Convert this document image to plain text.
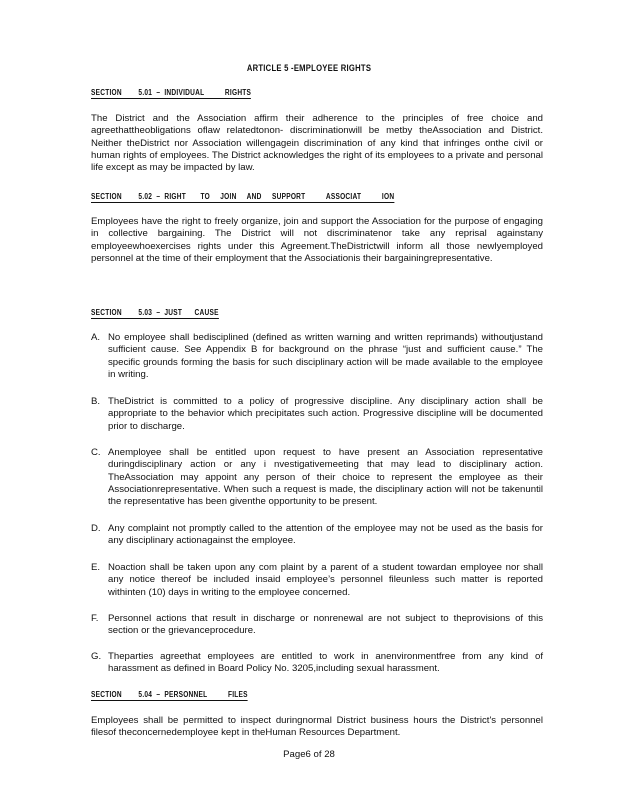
ARTICLE 5 -EMPLOYEE RIGHTS
SECTION        5.01  –  INDIVIDUAL          RIGHTS
The District and the Association affirm their adherence to the principles of free choice and agreethattheobligations oflaw relatedtonon- discriminationwill be metby theAssociation and District. Neither theDistrict nor Association willengagein discrimination of any kind that infringes onthe civil or human rights of employees. The District acknowledges the right of its employees to a private and personal life except as may be impacted by law.
SECTION        5.02  –  RIGHT       TO     JOIN     AND     SUPPORT          ASSOCIAT          ION
Employees have the right to freely organize, join and support the Association for the purpose of engaging in collective bargaining. The District will not discriminatenor take any reprisal againstany employeewhoexercises rights under this Agreement.TheDistrictwill inform all those newlyemployed personnel at the time of their employment that the Associationis their bargainingrepresentative.
SECTION        5.03  –  JUST      CAUSE
A. No employee shall bedisciplined (defined as written warning and written reprimands) withoutjustand sufficient cause. See Appendix B for background on the phrase “just and sufficient cause.” The specific grounds forming the basis for such disciplinary action will be made available to the employee in writing.
B. TheDistrict is committed to a policy of progressive discipline. Any disciplinary action shall be appropriate to the behavior which precipitates such action. Progressive discipline will be documented prior to discharge.
C. Anemployee shall be entitled upon request to have present an Association representative duringdisciplinary action or any i nvestigativemeeting that may lead to disciplinary action. TheAssociation may appoint any person of their choice to represent the employee as their Associationrepresentative. When such a request is made, the disciplinary action will not be takenuntil the representative has been giventhe opportunity to be present.
D. Any complaint not promptly called to the attention of the employee may not be used as the basis for any disciplinary actionagainst the employee.
E. Noaction shall be taken upon any com plaint by a parent of a student towardan employee nor shall any notice thereof be included insaid employee’s personnel fileunless such matter is reported withinten (10) days in writing to the employee concerned.
F. Personnel actions that result in discharge or nonrenewal are not subject to theprovisions of this section or the grievanceprocedure.
G. Theparties agreethat employees are entitled to work in anenvironmentfree from any kind of harassment as defined in Board Policy No. 3205,including sexual harassment.
SECTION        5.04  –  PERSONNEL          FILES
Employees shall be permitted to inspect duringnormal District business hours the District's personnel filesof theconcernedemployee kept in theHuman Resources Department.
Page6 of 28
